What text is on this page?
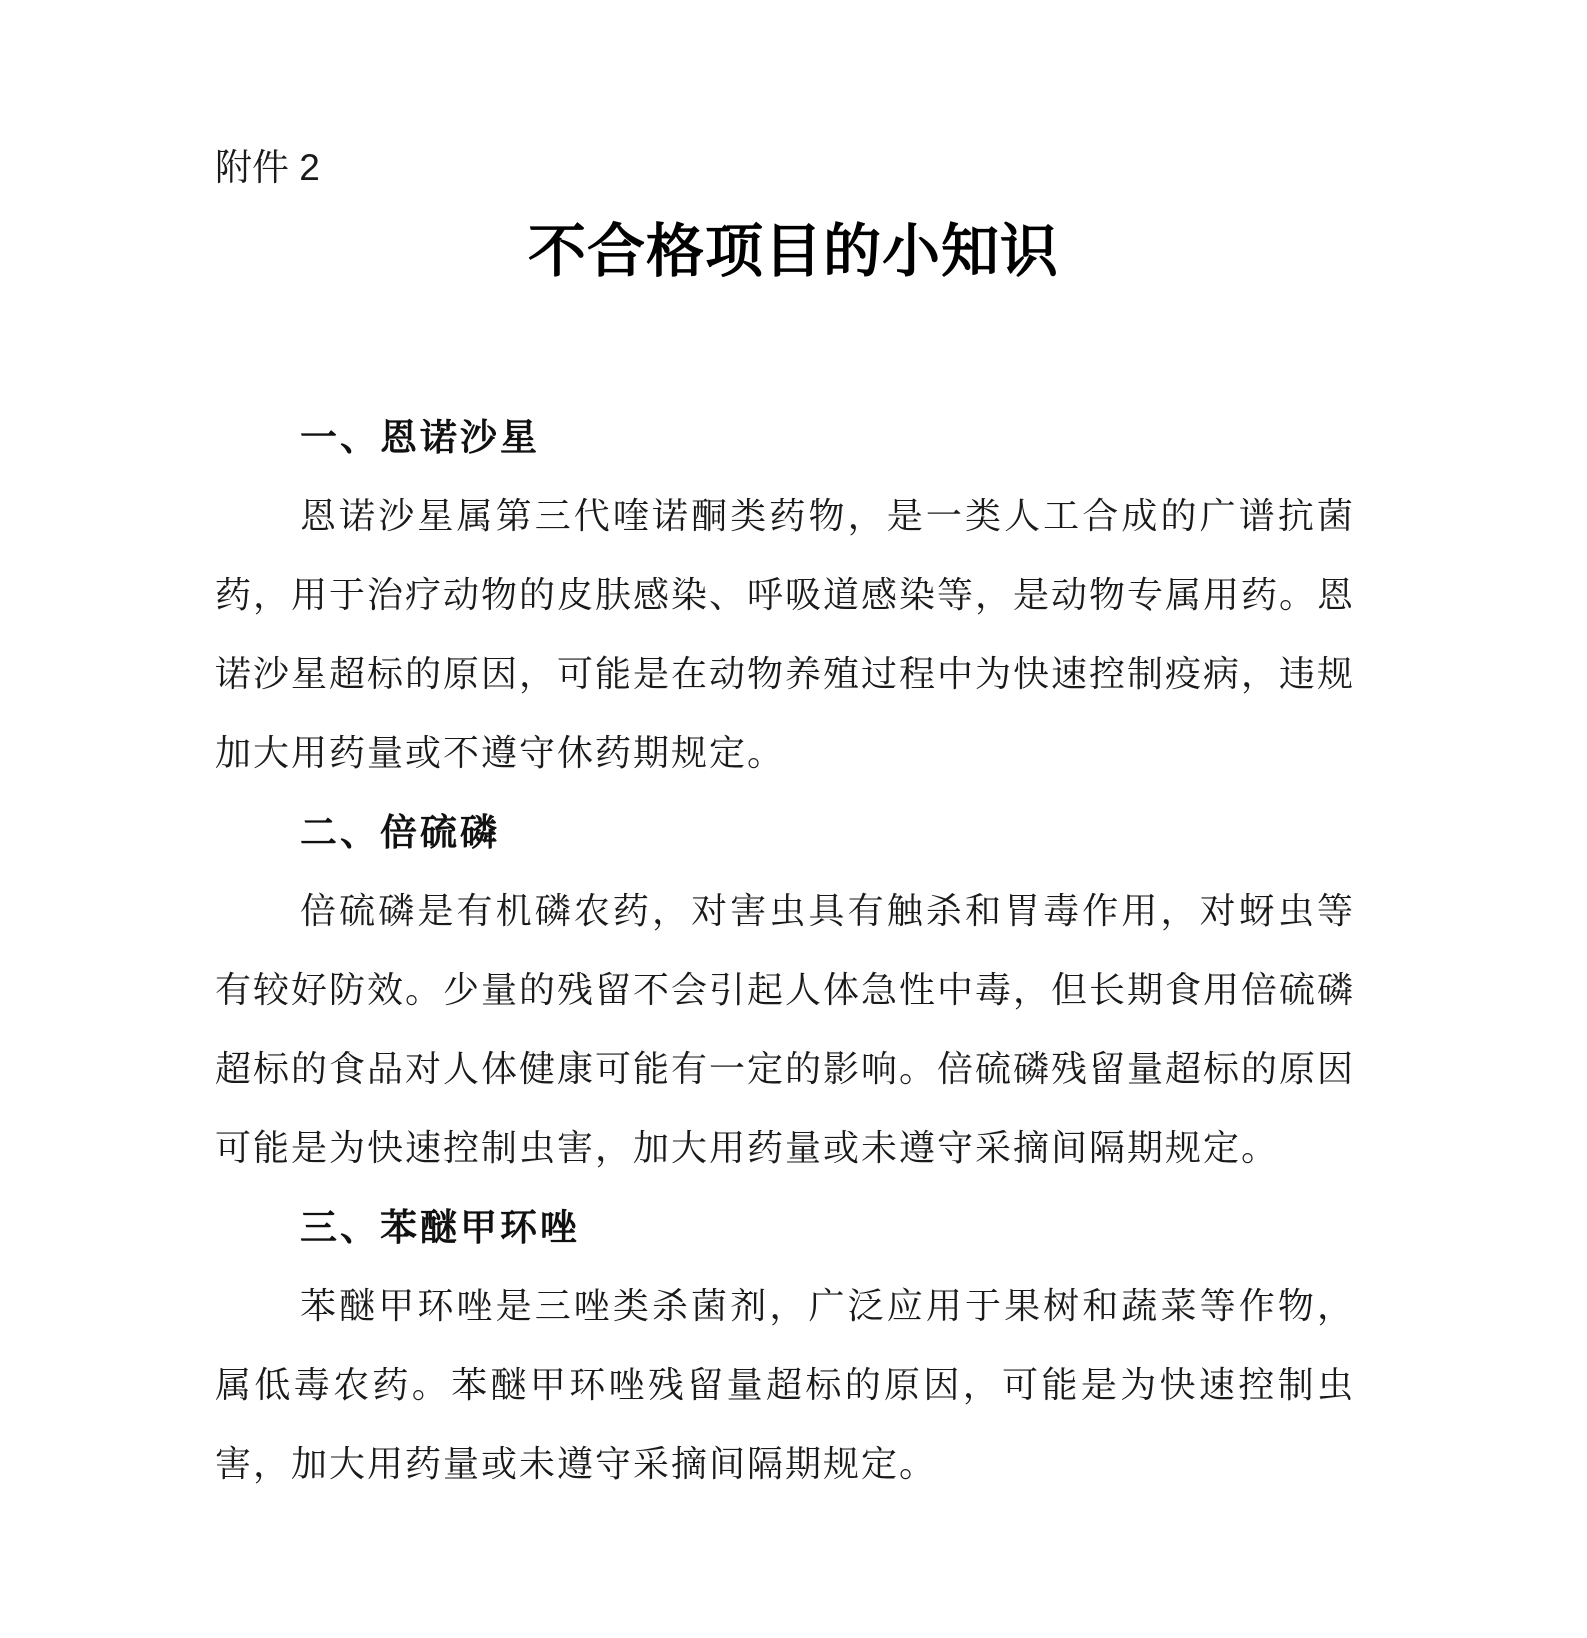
附件 2
不合格项目的小知识
一、恩诺沙星

恩诺沙星属第三代喹诺酮类药物，是一类人工合成的广谱抗菌药，用于治疗动物的皮肤感染、呼吸道感染等，是动物专属用药。恩诺沙星超标的原因，可能是在动物养殖过程中为快速控制疫病，违规加大用药量或不遵守休药期规定。

二、倍硫磷

倍硫磷是有机磷农药，对害虫具有触杀和胃毒作用，对蚜虫等有较好防效。少量的残留不会引起人体急性中毒，但长期食用倍硫磷超标的食品对人体健康可能有一定的影响。倍硫磷残留量超标的原因可能是为快速控制虫害，加大用药量或未遵守采摘间隔期规定。

三、苯醚甲环唑

苯醚甲环唑是三唑类杀菌剂，广泛应用于果树和蔬菜等作物，属低毒农药。苯醚甲环唑残留量超标的原因，可能是为快速控制虫害，加大用药量或未遵守采摘间隔期规定。
